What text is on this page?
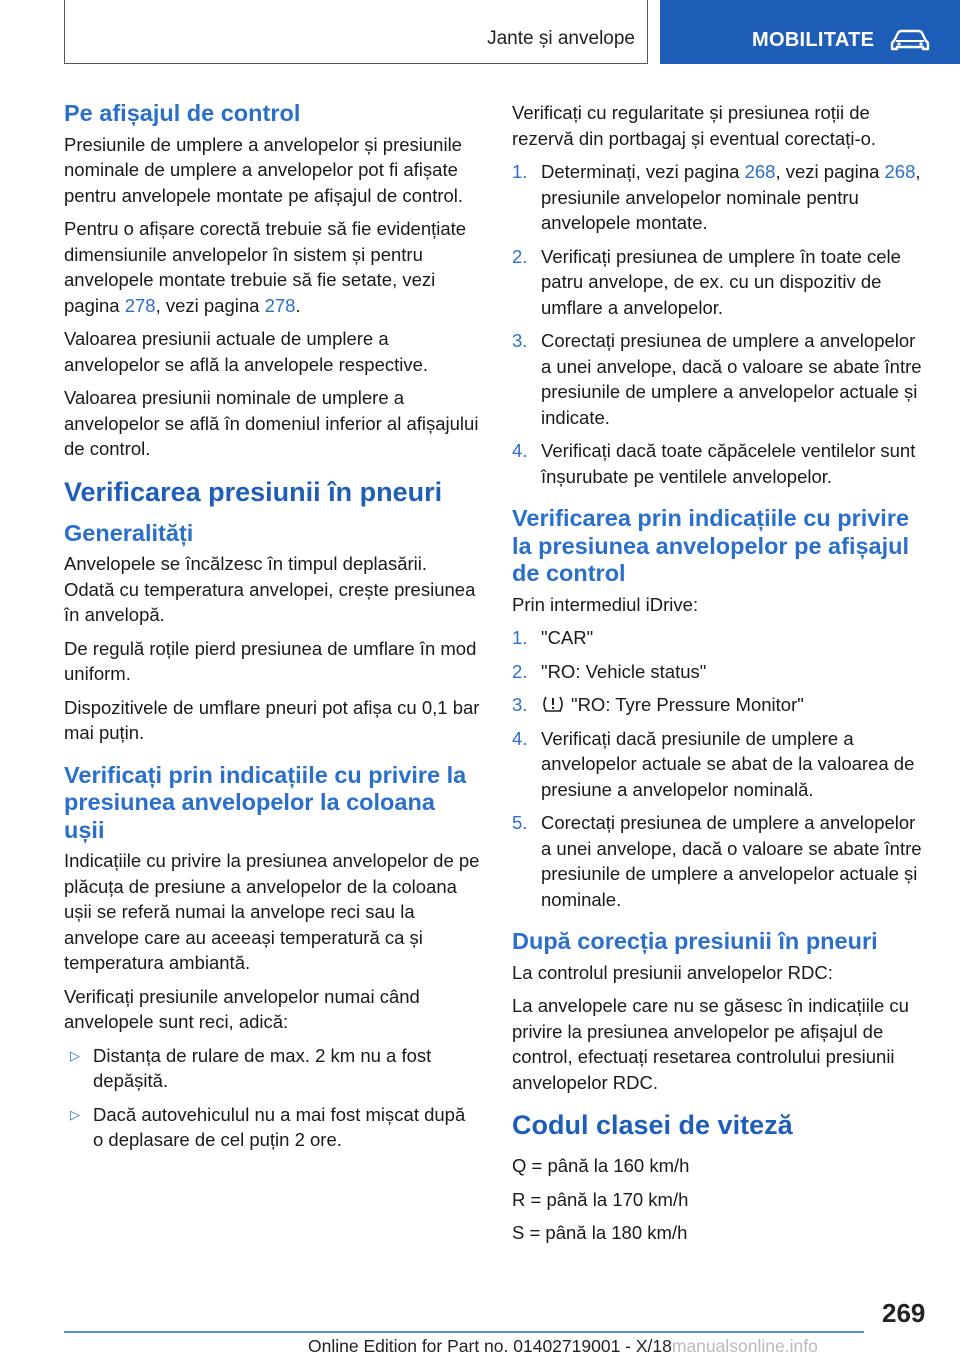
Jante și anvelope	MOBILITATE
Pe afișajul de control

Presiunile de umplere a anvelopelor și presiunile nominale de umplere a anvelopelor pot fi afișate pentru anvelopele montate pe afișajul de control.

Pentru o afișare corectă trebuie să fie evidențiate dimensiunile anvelopelor în sistem și pentru anvelopele montate trebuie să fie setate, vezi pagina 278, vezi pagina 278.

Valoarea presiunii actuale de umplere a anvelopelor se află la anvelopele respective.

Valoarea presiunii nominale de umplere a anvelopelor se află în domeniul inferior al afișajului de control.

Verificarea presiunii în pneuri
Generalități

Anvelopele se încălzesc în timpul deplasării. Odată cu temperatura anvelopei, crește presiunea în anvelopă.

De regulă roțile pierd presiunea de umflare în mod uniform.

Dispozitivele de umflare pneuri pot afișa cu 0,1 bar mai puțin.

Verificați prin indicațiile cu privire la presiunea anvelopelor la coloana ușii

Indicațiile cu privire la presiunea anvelopelor de pe plăcuța de presiune a anvelopelor de la coloana ușii se referă numai la anvelope reci sau la anvelope care au aceeași temperatură ca și temperatura ambiantă.

Verificați presiunile anvelopelor numai când anvelopele sunt reci, adică:

▷ Distanța de rulare de max. 2 km nu a fost depășită.
▷ Dacă autovehiculul nu a mai fost mișcat după o deplasare de cel puțin 2 ore.

Verificați cu regularitate și presiunea roții de rezervă din portbagaj și eventual corectați-o.

1. Determinați, vezi pagina 268, vezi pagina 268, presiunile anvelopelor nominale pentru anvelopele montate.
2. Verificați presiunea de umplere în toate cele patru anvelope, de ex. cu un dispozitiv de umflare a anvelopelor.
3. Corectați presiunea de umplere a anvelopelor a unei anvelope, dacă o valoare se abate între presiunile de umplere a anvelopelor actuale și indicate.
4. Verificați dacă toate căpăcelele ventilelor sunt înșurubate pe ventilele anvelopelor.
Verificarea prin indicațiile cu privire la presiunea anvelopelor pe afișajul de control

Prin intermediul iDrive:

1. "CAR"
2. "RO: Vehicle status"
3. "RO: Tyre Pressure Monitor"
4. Verificați dacă presiunile de umplere a anvelopelor actuale se abat de la valoarea de presiune a anvelopelor nominală.
5. Corectați presiunea de umplere a anvelopelor a unei anvelope, dacă o valoare se abate între presiunile de umplere a anvelopelor actuale și nominale.
După corecția presiunii în pneuri

La controlul presiunii anvelopelor RDC:

La anvelopele care nu se găsesc în indicațiile cu privire la presiunea anvelopelor pe afișajul de control, efectuați resetarea controlului presiunii anvelopelor RDC.

Codul clasei de viteză

Q = până la 160 km/h

R = până la 170 km/h

S = până la 180 km/h

269
Online Edition for Part no. 01402719001 - X/18manualsonline.info
